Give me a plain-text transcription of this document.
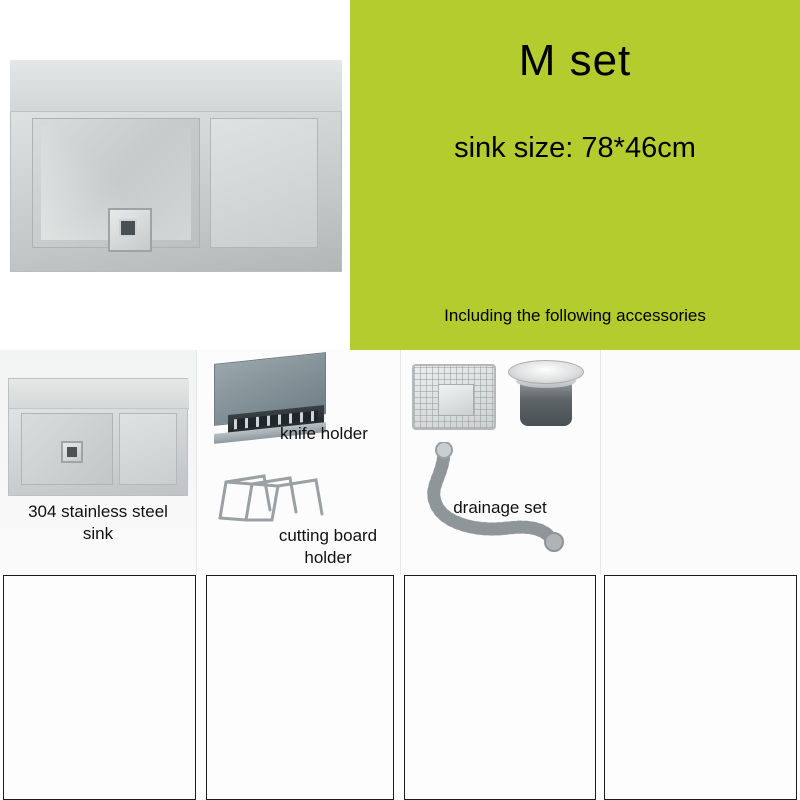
M set
sink size: 78*46cm
Including the following accessories
304 stainless steel
sink
knife holder
cutting board
holder
drainage set
